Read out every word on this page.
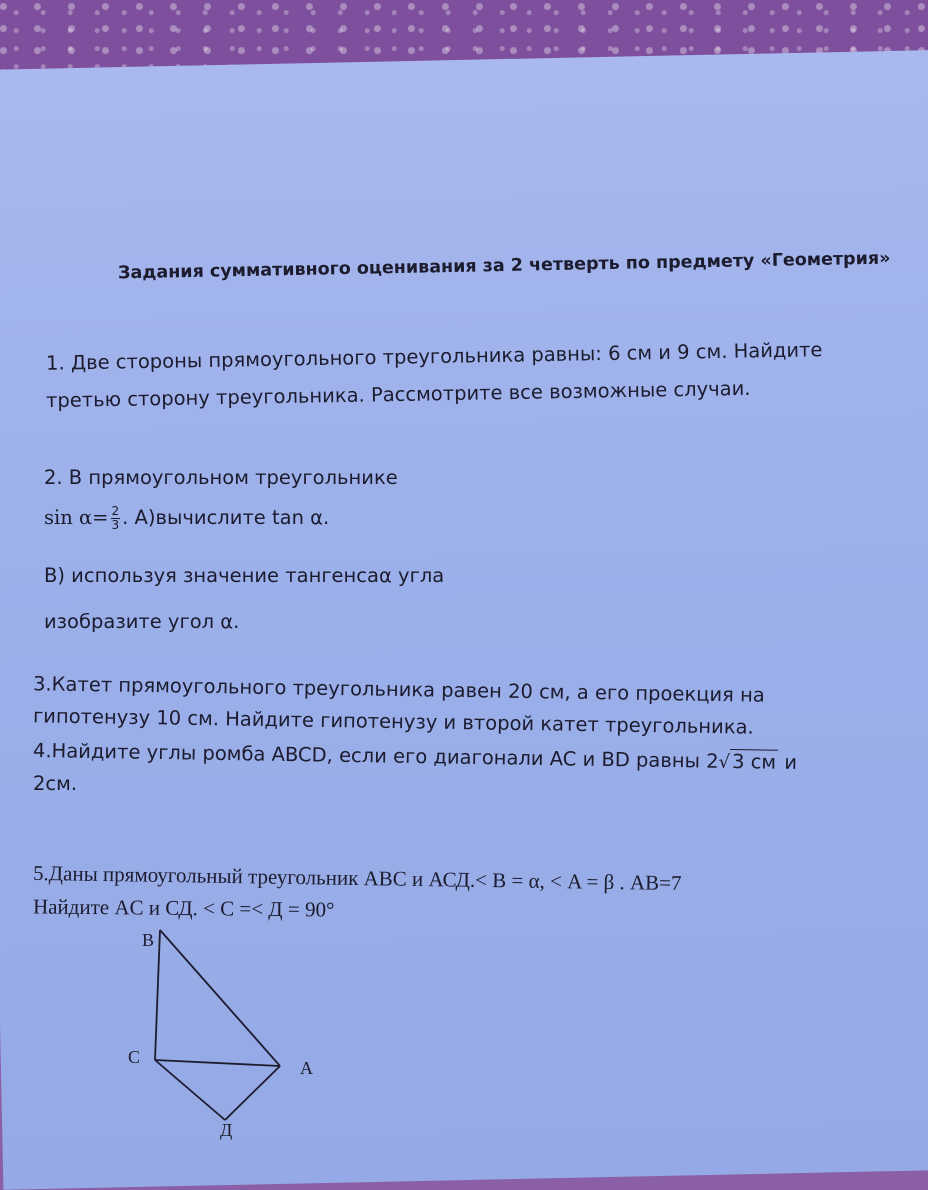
Задания суммативного оценивания за 2 четверть по предмету «Геометрия»
1. Две стороны прямоугольного треугольника равны: 6 см и 9 см. Найдите
третью сторону треугольника. Рассмотрите все возможные случаи.
2. В прямоугольном треугольнике
$\sin \alpha= \frac{2}{3}$ . А)вычислите tan α.
В) используя значение тангенсаα угла
изобразите угол α.
3.Катет прямоугольного треугольника равен 20 см, а его проекция на
гипотенузу 10 см. Найдите гипотенузу и второй катет треугольника.
4.Найдите углы ромба ABCD, если его диагонали AC и BD равны 2√3 см и
2см.
5.Даны прямоугольный треугольник ABC и АСД.< B = α, < A = β . AB=7
Найдите AC и СД. < C =< Д = 90°
B
C
A
Д
